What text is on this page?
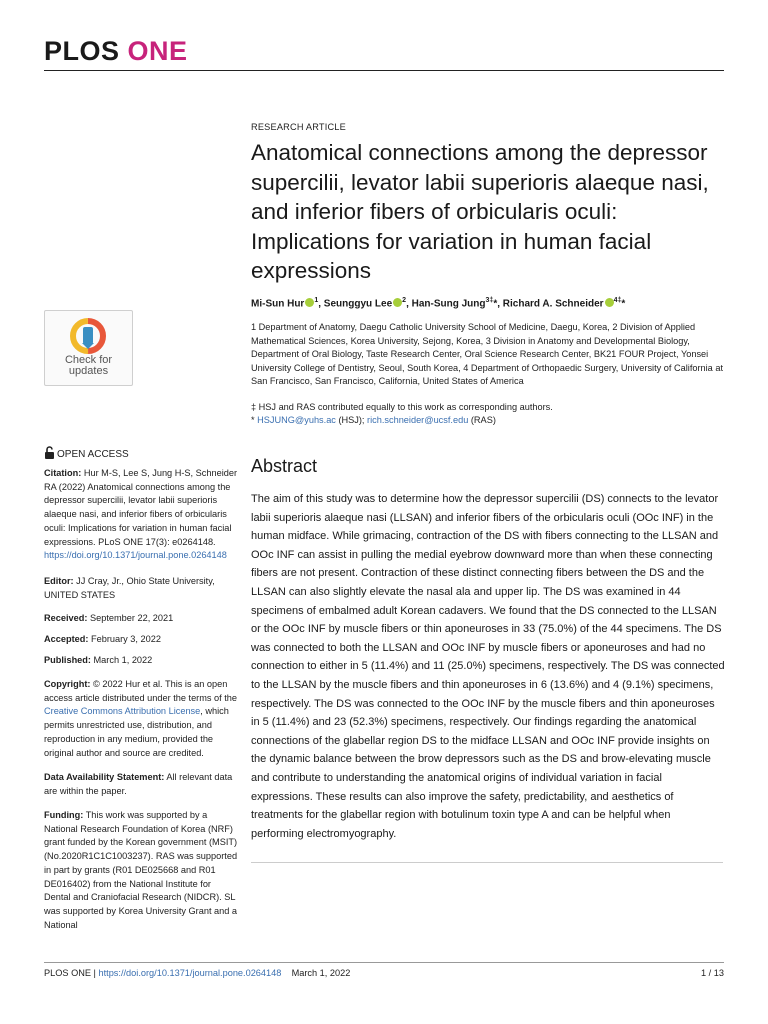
PLOS ONE
Check for
updates
OPEN ACCESS
Citation: Hur M-S, Lee S, Jung H-S, Schneider RA (2022) Anatomical connections among the depressor supercilii, levator labii superioris alaeque nasi, and inferior fibers of orbicularis oculi: Implications for variation in human facial expressions. PLoS ONE 17(3): e0264148. https://doi.org/10.1371/journal.pone.0264148
Editor: JJ Cray, Jr., Ohio State University, UNITED STATES
Received: September 22, 2021
Accepted: February 3, 2022
Published: March 1, 2022
Copyright: © 2022 Hur et al. This is an open access article distributed under the terms of the Creative Commons Attribution License, which permits unrestricted use, distribution, and reproduction in any medium, provided the original author and source are credited.
Data Availability Statement: All relevant data are within the paper.
Funding: This work was supported by a National Research Foundation of Korea (NRF) grant funded by the Korean government (MSIT) (No.2020R1C1C1003237). RAS was supported in part by grants (R01 DE025668 and R01 DE016402) from the National Institute for Dental and Craniofacial Research (NIDCR). SL was supported by Korea University Grant and a National
RESEARCH ARTICLE
Anatomical connections among the depressor supercilii, levator labii superioris alaeque nasi, and inferior fibers of orbicularis oculi: Implications for variation in human facial expressions
Mi-Sun Hur $^1$, Seunggyu Lee $^2$, Han-Sung Jung$^{3\ddagger}$*, Richard A. Schneider $^{4\ddagger}$*
1 Department of Anatomy, Daegu Catholic University School of Medicine, Daegu, Korea, 2 Division of Applied Mathematical Sciences, Korea University, Sejong, Korea, 3 Division in Anatomy and Developmental Biology, Department of Oral Biology, Taste Research Center, Oral Science Research Center, BK21 FOUR Project, Yonsei University College of Dentistry, Seoul, South Korea, 4 Department of Orthopaedic Surgery, University of California at San Francisco, San Francisco, California, United States of America
‡ HSJ and RAS contributed equally to this work as corresponding authors.
* HSJUNG@yuhs.ac (HSJ); rich.schneider@ucsf.edu (RAS)
Abstract

The aim of this study was to determine how the depressor supercilii (DS) connects to the levator labii superioris alaeque nasi (LLSAN) and inferior fibers of the orbicularis oculi (OOc INF) in the human midface. While grimacing, contraction of the DS with fibers connecting to the LLSAN and OOc INF can assist in pulling the medial eyebrow downward more than when these connecting fibers are not present. Contraction of these distinct connecting fibers between the DS and the LLSAN can also slightly elevate the nasal ala and upper lip. The DS was examined in 44 specimens of embalmed adult Korean cadavers. We found that the DS connected to the LLSAN or the OOc INF by muscle fibers or thin aponeuroses in 33 (75.0%) of the 44 specimens. The DS was connected to both the LLSAN and OOc INF by muscle fibers or aponeuroses and had no connection to either in 5 (11.4%) and 11 (25.0%) specimens, respectively. The DS was connected to the LLSAN by the muscle fibers and thin aponeuroses in 6 (13.6%) and 4 (9.1%) specimens, respectively. The DS was connected to the OOc INF by the muscle fibers and thin aponeuroses in 5 (11.4%) and 23 (52.3%) specimens, respectively. Our findings regarding the anatomical connections of the glabellar region DS to the midface LLSAN and OOc INF provide insights on the dynamic balance between the brow depressors such as the DS and brow-elevating muscle and contribute to understanding the anatomical origins of individual variation in facial expressions. These results can also improve the safety, predictability, and aesthetics of treatments for the glabellar region with botulinum toxin type A and can be helpful when performing electromyography.

PLOS ONE | https://doi.org/10.1371/journal.pone.0264148 March 1, 2022	1 / 13
